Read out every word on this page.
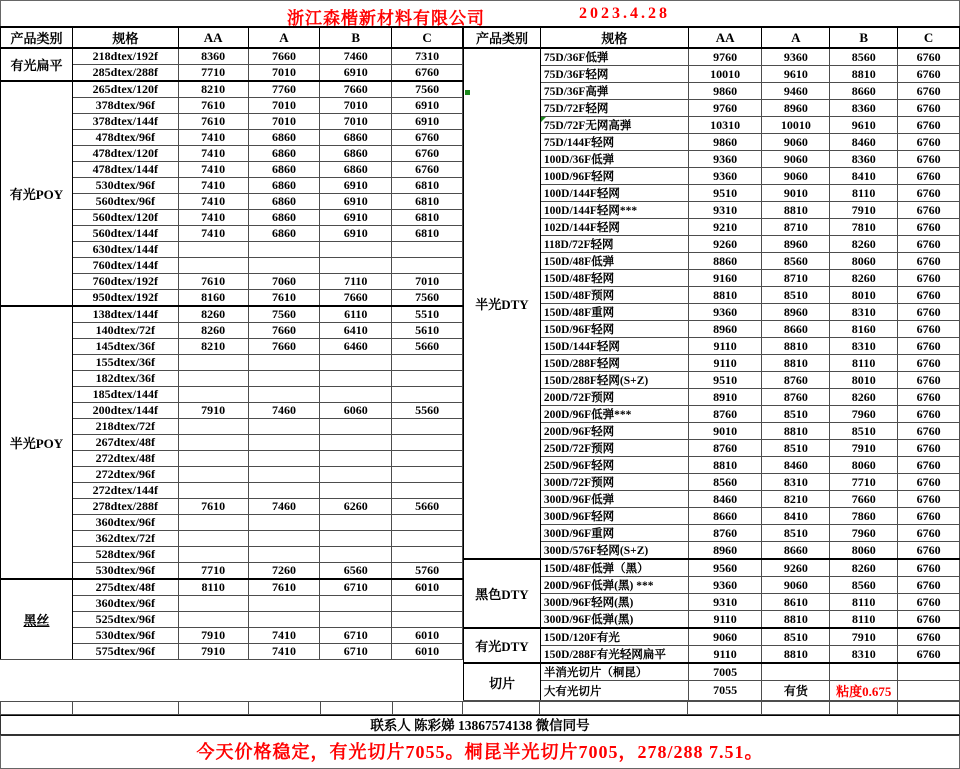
浙江森楷新材料有限公司	2023.4.28
产品类别	规格	AA	A	B	C
有光扁平	218dtex/192f	8360	7660	7460	7310
	285dtex/288f	7710	7010	6910	6760
有光POY	265dtex/120f	8210	7760	7660	7560
	378dtex/96f	7610	7010	7010	6910
	378dtex/144f	7610	7010	7010	6910
	478dtex/96f	7410	6860	6860	6760
	478dtex/120f	7410	6860	6860	6760
	478dtex/144f	7410	6860	6860	6760
	530dtex/96f	7410	6860	6910	6810
	560dtex/96f	7410	6860	6910	6810
	560dtex/120f	7410	6860	6910	6810
	560dtex/144f	7410	6860	6910	6810
	630dtex/144f				
	760dtex/144f				
	760dtex/192f	7610	7060	7110	7010
	950dtex/192f	8160	7610	7660	7560
半光POY	138dtex/144f	8260	7560	6110	5510
	140dtex/72f	8260	7660	6410	5610
	145dtex/36f	8210	7660	6460	5660
	155dtex/36f				
	182dtex/36f				
	185dtex/144f				
	200dtex/144f	7910	7460	6060	5560
	218dtex/72f				
	267dtex/48f				
	272dtex/48f				
	272dtex/96f				
	272dtex/144f				
	278dtex/288f	7610	7460	6260	5660
	360dtex/96f				
	362dtex/72f				
	528dtex/96f				
	530dtex/96f	7710	7260	6560	5760
黑丝	275dtex/48f	8110	7610	6710	6010
	360dtex/96f				
	525dtex/96f				
	530dtex/96f	7910	7410	6710	6010
	575dtex/96f	7910	7410	6710	6010
产品类别	规格	AA	A	B	C
半光DTY	75D/36F低弹	9760	9360	8560	6760
	75D/36F轻网	10010	9610	8810	6760
	75D/36F高弹	9860	9460	8660	6760
	75D/72F轻网	9760	8960	8360	6760
	75D/72F无网高弹	10310	10010	9610	6760
	75D/144F轻网	9860	9060	8460	6760
	100D/36F低弹	9360	9060	8360	6760
	100D/96F轻网	9360	9060	8410	6760
	100D/144F轻网	9510	9010	8110	6760
	100D/144F轻网***	9310	8810	7910	6760
	102D/144F轻网	9210	8710	7810	6760
	118D/72F轻网	9260	8960	8260	6760
	150D/48F低弹	8860	8560	8060	6760
	150D/48F轻网	9160	8710	8260	6760
	150D/48F预网	8810	8510	8010	6760
	150D/48F重网	9360	8960	8310	6760
	150D/96F轻网	8960	8660	8160	6760
	150D/144F轻网	9110	8810	8310	6760
	150D/288F轻网	9110	8810	8110	6760
	150D/288F轻网(S+Z)	9510	8760	8010	6760
	200D/72F预网	8910	8760	8260	6760
	200D/96F低弹***	8760	8510	7960	6760
	200D/96F轻网	9010	8810	8510	6760
	250D/72F预网	8760	8510	7910	6760
	250D/96F轻网	8810	8460	8060	6760
	300D/72F预网	8560	8310	7710	6760
	300D/96F低弹	8460	8210	7660	6760
	300D/96F轻网	8660	8410	7860	6760
	300D/96F重网	8760	8510	7960	6760
	300D/576F轻网(S+Z)	8960	8660	8060	6760
黑色DTY	150D/48F低弹（黑）	9560	9260	8260	6760
	200D/96F低弹(黑) ***	9360	9060	8560	6760
	300D/96F轻网(黑)	9310	8610	8110	6760
	300D/96F低弹(黑)	9110	8810	8110	6760
有光DTY	150D/120F有光	9060	8510	7910	6760
	150D/288F有光轻网扁平	9110	8810	8310	6760
切片	半消光切片（桐昆）	7005			
	大有光切片	7055	有货	粘度0.675	

联系人 陈彩娣 13867574138 微信同号
今天价格稳定，有光切片7055。桐昆半光切片7005，278/288 7.51。
